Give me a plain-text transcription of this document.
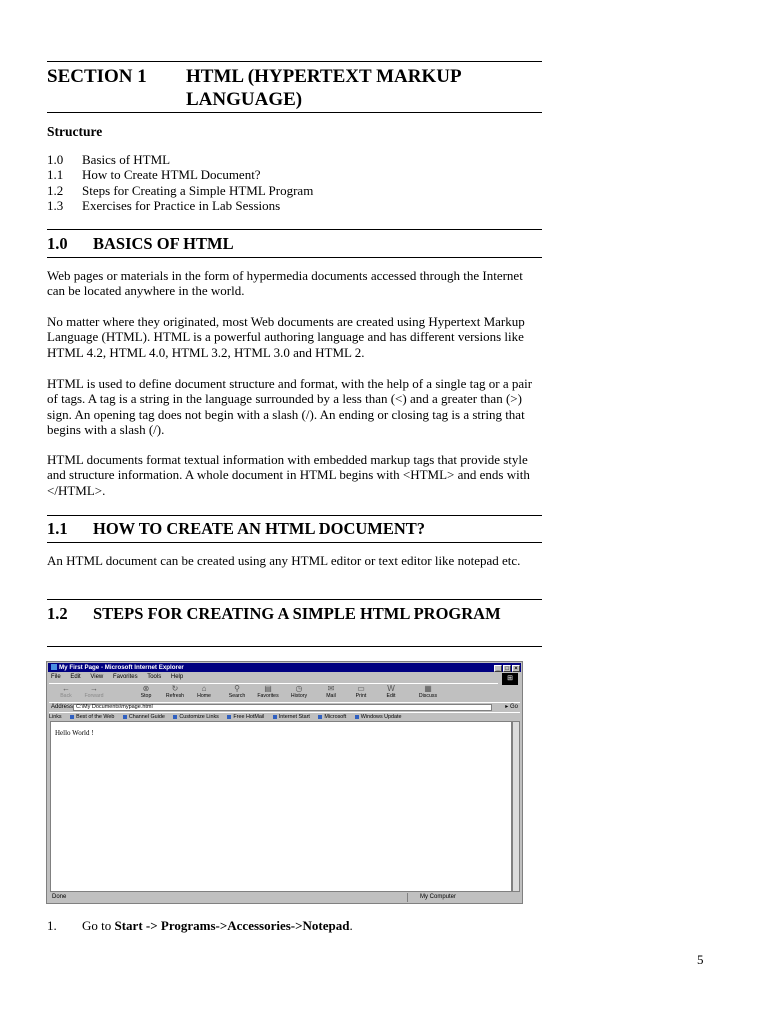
SECTION 1 HTML (HYPERTEXT MARKUP LANGUAGE)
Structure
1.0 Basics of HTML
1.1 How to Create HTML Document?
1.2 Steps for Creating a Simple HTML Program
1.3 Exercises for Practice in Lab Sessions
1.0 BASICS OF HTML

Web pages or materials in the form of hypermedia documents accessed through the Internet can be located anywhere in the world.

No matter where they originated, most Web documents are created using Hypertext Markup Language (HTML). HTML is a powerful authoring language and has different versions like HTML 4.2, HTML 4.0, HTML 3.2, HTML 3.0 and HTML 2.

HTML is used to define document structure and format, with the help of a single tag or a pair of tags. A tag is a string in the language surrounded by a less than (<) and a greater than (>) sign. An opening tag does not begin with a slash (/). An ending or closing tag is a string that begins with a slash (/).

HTML documents format textual information with embedded markup tags that provide style and structure information. A whole document in HTML begins with <HTML> and ends with </HTML>.

1.1 HOW TO CREATE AN HTML DOCUMENT?

An HTML document can be created using any HTML editor or text editor like notepad etc.

1.2 STEPS FOR CREATING A SIMPLE HTML PROGRAM
My First Page - Microsoft Internet Explorer	_ □ ×
File Edit View Favorites Tools Help	⊞
←
Back
→
Forward
⊗
Stop
↻
Refresh
⌂
Home
⚲
Search
▤
Favorites
◷
History
✉
Mail
▭
Print
W
Edit
▦
Discuss
Address C:\My Documents\mypage.html	▸ Go
Links	Best of the Web	Channel Guide	Customize Links	Free HotMail	Internet Start	Microsoft	Windows Update
Hello World !
Done	My Computer
1. Go to Start -> Programs->Accessories->Notepad.
5
